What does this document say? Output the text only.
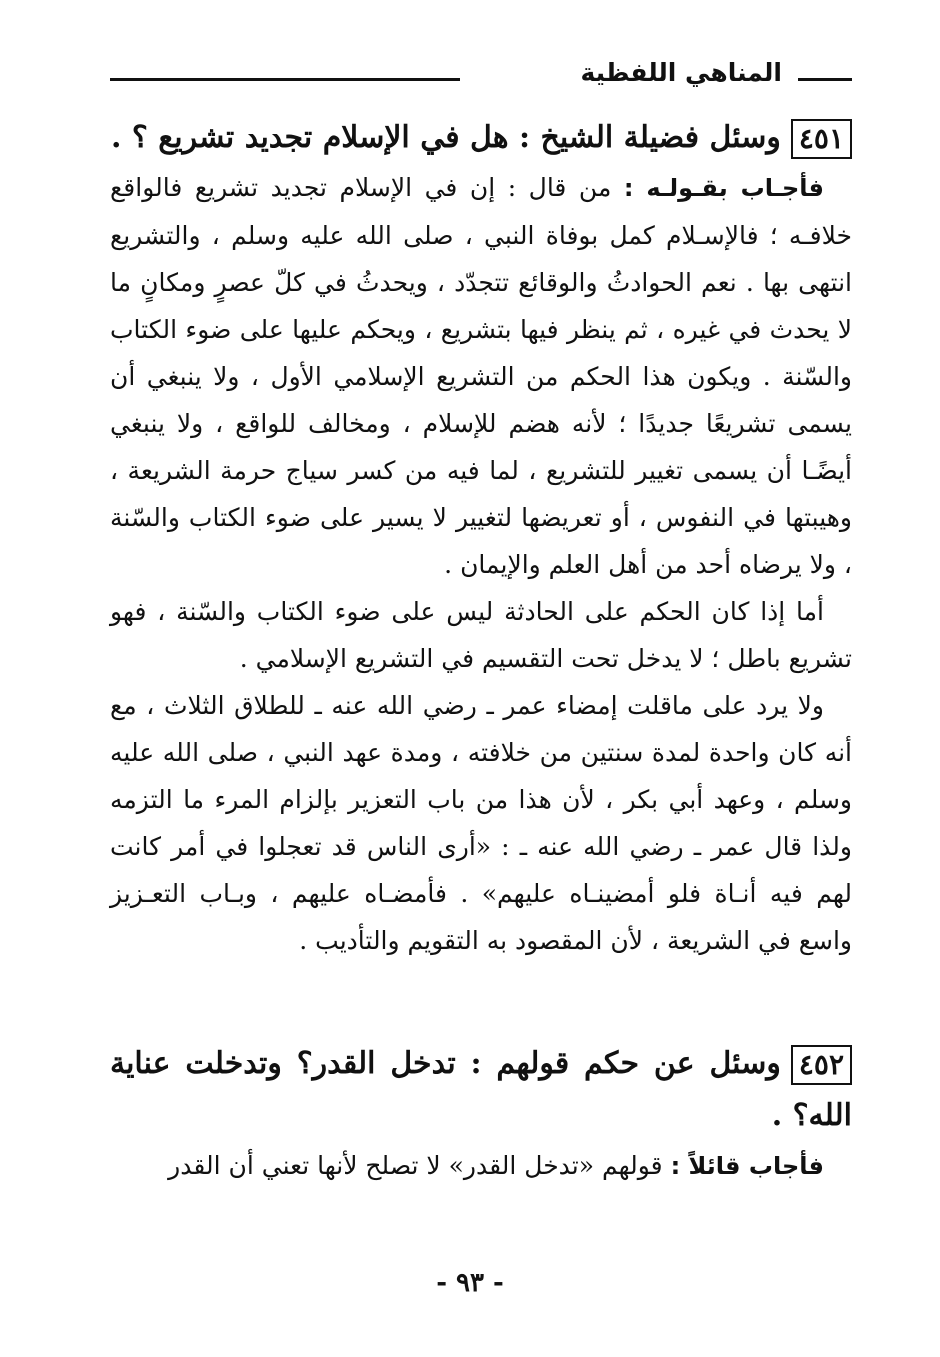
المناهي اللفظية

٤٥١وسئل فضيلة الشيخ : هل في الإسلام تجديد تشريع ؟ .

فأجـاب بقـولـه : من قال : إن في الإسلام تجديد تشريع فالواقع خلافـه ؛ فالإسـلام كمل بوفاة النبي ، صلى الله عليه وسلم ، والتشريع انتهى بها . نعم الحوادثُ والوقائع تتجدّد ، ويحدثُ في كلّ عصرٍ ومكانٍ ما لا يحدث في غيره ، ثم ينظر فيها بتشريع ، ويحكم عليها على ضوء الكتاب والسّنة . ويكون هذا الحكم من التشريع الإسلامي الأول ، ولا ينبغي أن يسمى تشريعًا جديدًا ؛ لأنه هضم للإسلام ، ومخالف للواقع ، ولا ينبغي أيضًـا أن يسمى تغيير للتشريع ، لما فيه من كسر سياج حرمة الشريعة ، وهيبتها في النفوس ، أو تعريضها لتغيير لا يسير على ضوء الكتاب والسّنة ، ولا يرضاه أحد من أهل العلم والإيمان .

أما إذا كان الحكم على الحادثة ليس على ضوء الكتاب والسّنة ، فهو تشريع باطل ؛ لا يدخل تحت التقسيم في التشريع الإسلامي .

ولا يرد على ماقلت إمضاء عمر ـ رضي الله عنه ـ للطلاق الثلاث ، مع أنه كان واحدة لمدة سنتين من خلافته ، ومدة عهد النبي ، صلى الله عليه وسلم ، وعهد أبي بكر ، لأن هذا من باب التعزير بإلزام المرء ما التزمه ولذا قال عمر ـ رضي الله عنه ـ : «أرى الناس قد تعجلوا في أمر كانت لهم فيه أنـاة فلو أمضينـاه عليهم» . فأمضـاه عليهم ، وبـاب التعـزيز واسع في الشريعة ، لأن المقصود به التقويم والتأديب .

٤٥٢وسئل عن حكم قولهم : تدخل القدر؟ وتدخلت عناية الله؟ .

فأجاب قائلاً : قولهم «تدخل القدر» لا تصلح لأنها تعني أن القدر

- ٩٣ -
